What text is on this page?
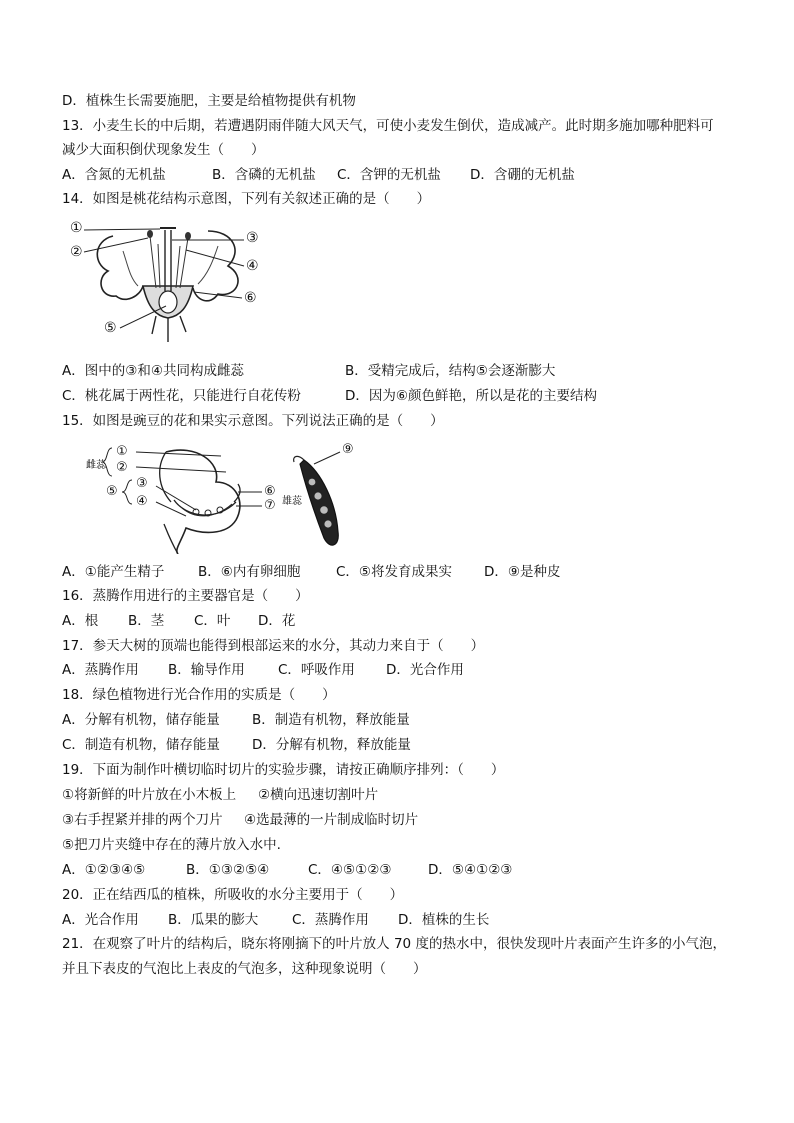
D．植株生长需要施肥，主要是给植物提供有机物
13．小麦生长的中后期，若遭遇阴雨伴随大风天气，可使小麦发生倒伏，造成减产。此时期多施加哪种肥料可
减少大面积倒伏现象发生（　　）
A．含氮的无机盐	B．含磷的无机盐 C．含钾的无机盐 D．含硼的无机盐
14．如图是桃花结构示意图，下列有关叙述正确的是（　　）
①
②
③
④
⑥
⑤
A．图中的③和④共同构成雌蕊	B．受精完成后，结构⑤会逐渐膨大
C．桃花属于两性花，只能进行自花传粉	D．因为⑥颜色鲜艳，所以是花的主要结构
15．如图是豌豆的花和果实示意图。下列说法正确的是（　　）
雌蕊
①
②
⑤
③
④
⑥
⑦ 雄蕊
⑨
A．①能产生精子 B．⑥内有卵细胞	C．⑤将发育成果实 D．⑨是种皮
16．蒸腾作用进行的主要器官是（　　）
A．根 B．茎 C．叶 D．花
17．参天大树的顶端也能得到根部运来的水分，其动力来自于（　　）
A．蒸腾作用 B．输导作用 C．呼吸作用 D．光合作用
18．绿色植物进行光合作用的实质是（　　）
A．分解有机物，储存能量 B．制造有机物，释放能量
C．制造有机物，储存能量 D．分解有机物，释放能量
19．下面为制作叶横切临时切片的实验步骤，请按正确顺序排列：（　　）
①将新鲜的叶片放在小木板上 ②横向迅速切割叶片
③右手捏紧并排的两个刀片 ④选最薄的一片制成临时切片
⑤把刀片夹缝中存在的薄片放入水中.
A．①②③④⑤	B．①③②⑤④	C．④⑤①②③	D．⑤④①②③
20．正在结西瓜的植株，所吸收的水分主要用于（　　）
A．光合作用 B．瓜果的膨大 C．蒸腾作用 D．植株的生长
21．在观察了叶片的结构后，晓东将刚摘下的叶片放人 70 度的热水中，很快发现叶片表面产生许多的小气泡，
并且下表皮的气泡比上表皮的气泡多，这种现象说明（　　）
